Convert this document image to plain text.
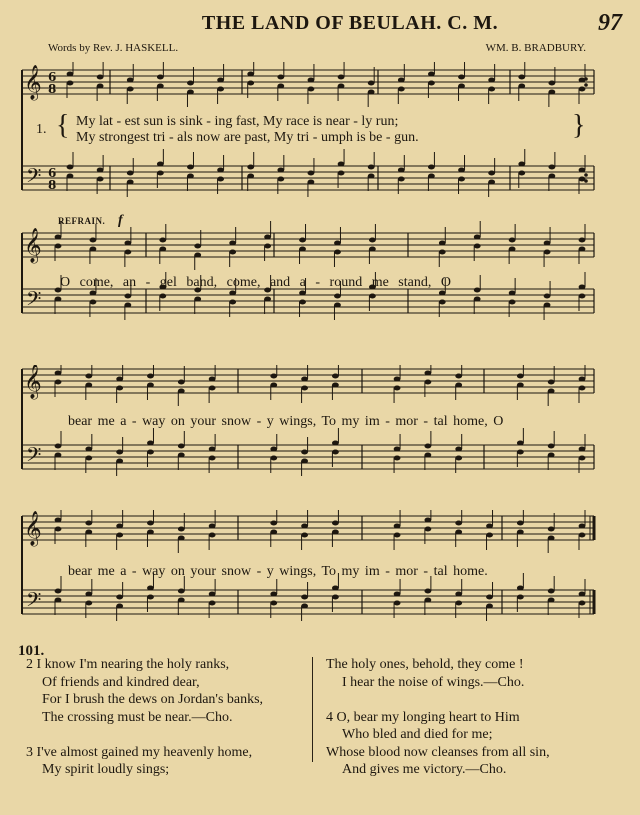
THE LAND OF BEULAH. C. M.	97
Words by Rev. J. HASKELL.	WM. B. BRADBURY.
𝄞
𝄢
6
8
6
8
1. { My lat - est sun is sink - ing fast, My race is near - ly run;
My strongest tri - als now are past, My tri - umph is be - gun.	}
REFRAIN. f
𝄞
𝄢
O come, an - gel band, come, and a - round me stand, O
𝄞
𝄢
bear me a - way on your snow - y wings, To my im - mor - tal home, O
𝄞
𝄢
bear me a - way on your snow - y wings, To my im - mor - tal home.
101.
2 I know I'm nearing the holy ranks,
Of friends and kindred dear,
For I brush the dews on Jordan's banks,
The crossing must be near.—Cho.

3 I've almost gained my heavenly home,
My spirit loudly sings;
The holy ones, behold, they come !
I hear the noise of wings.—Cho.

4 O, bear my longing heart to Him
Who bled and died for me;
Whose blood now cleanses from all sin,
And gives me victory.—Cho.
